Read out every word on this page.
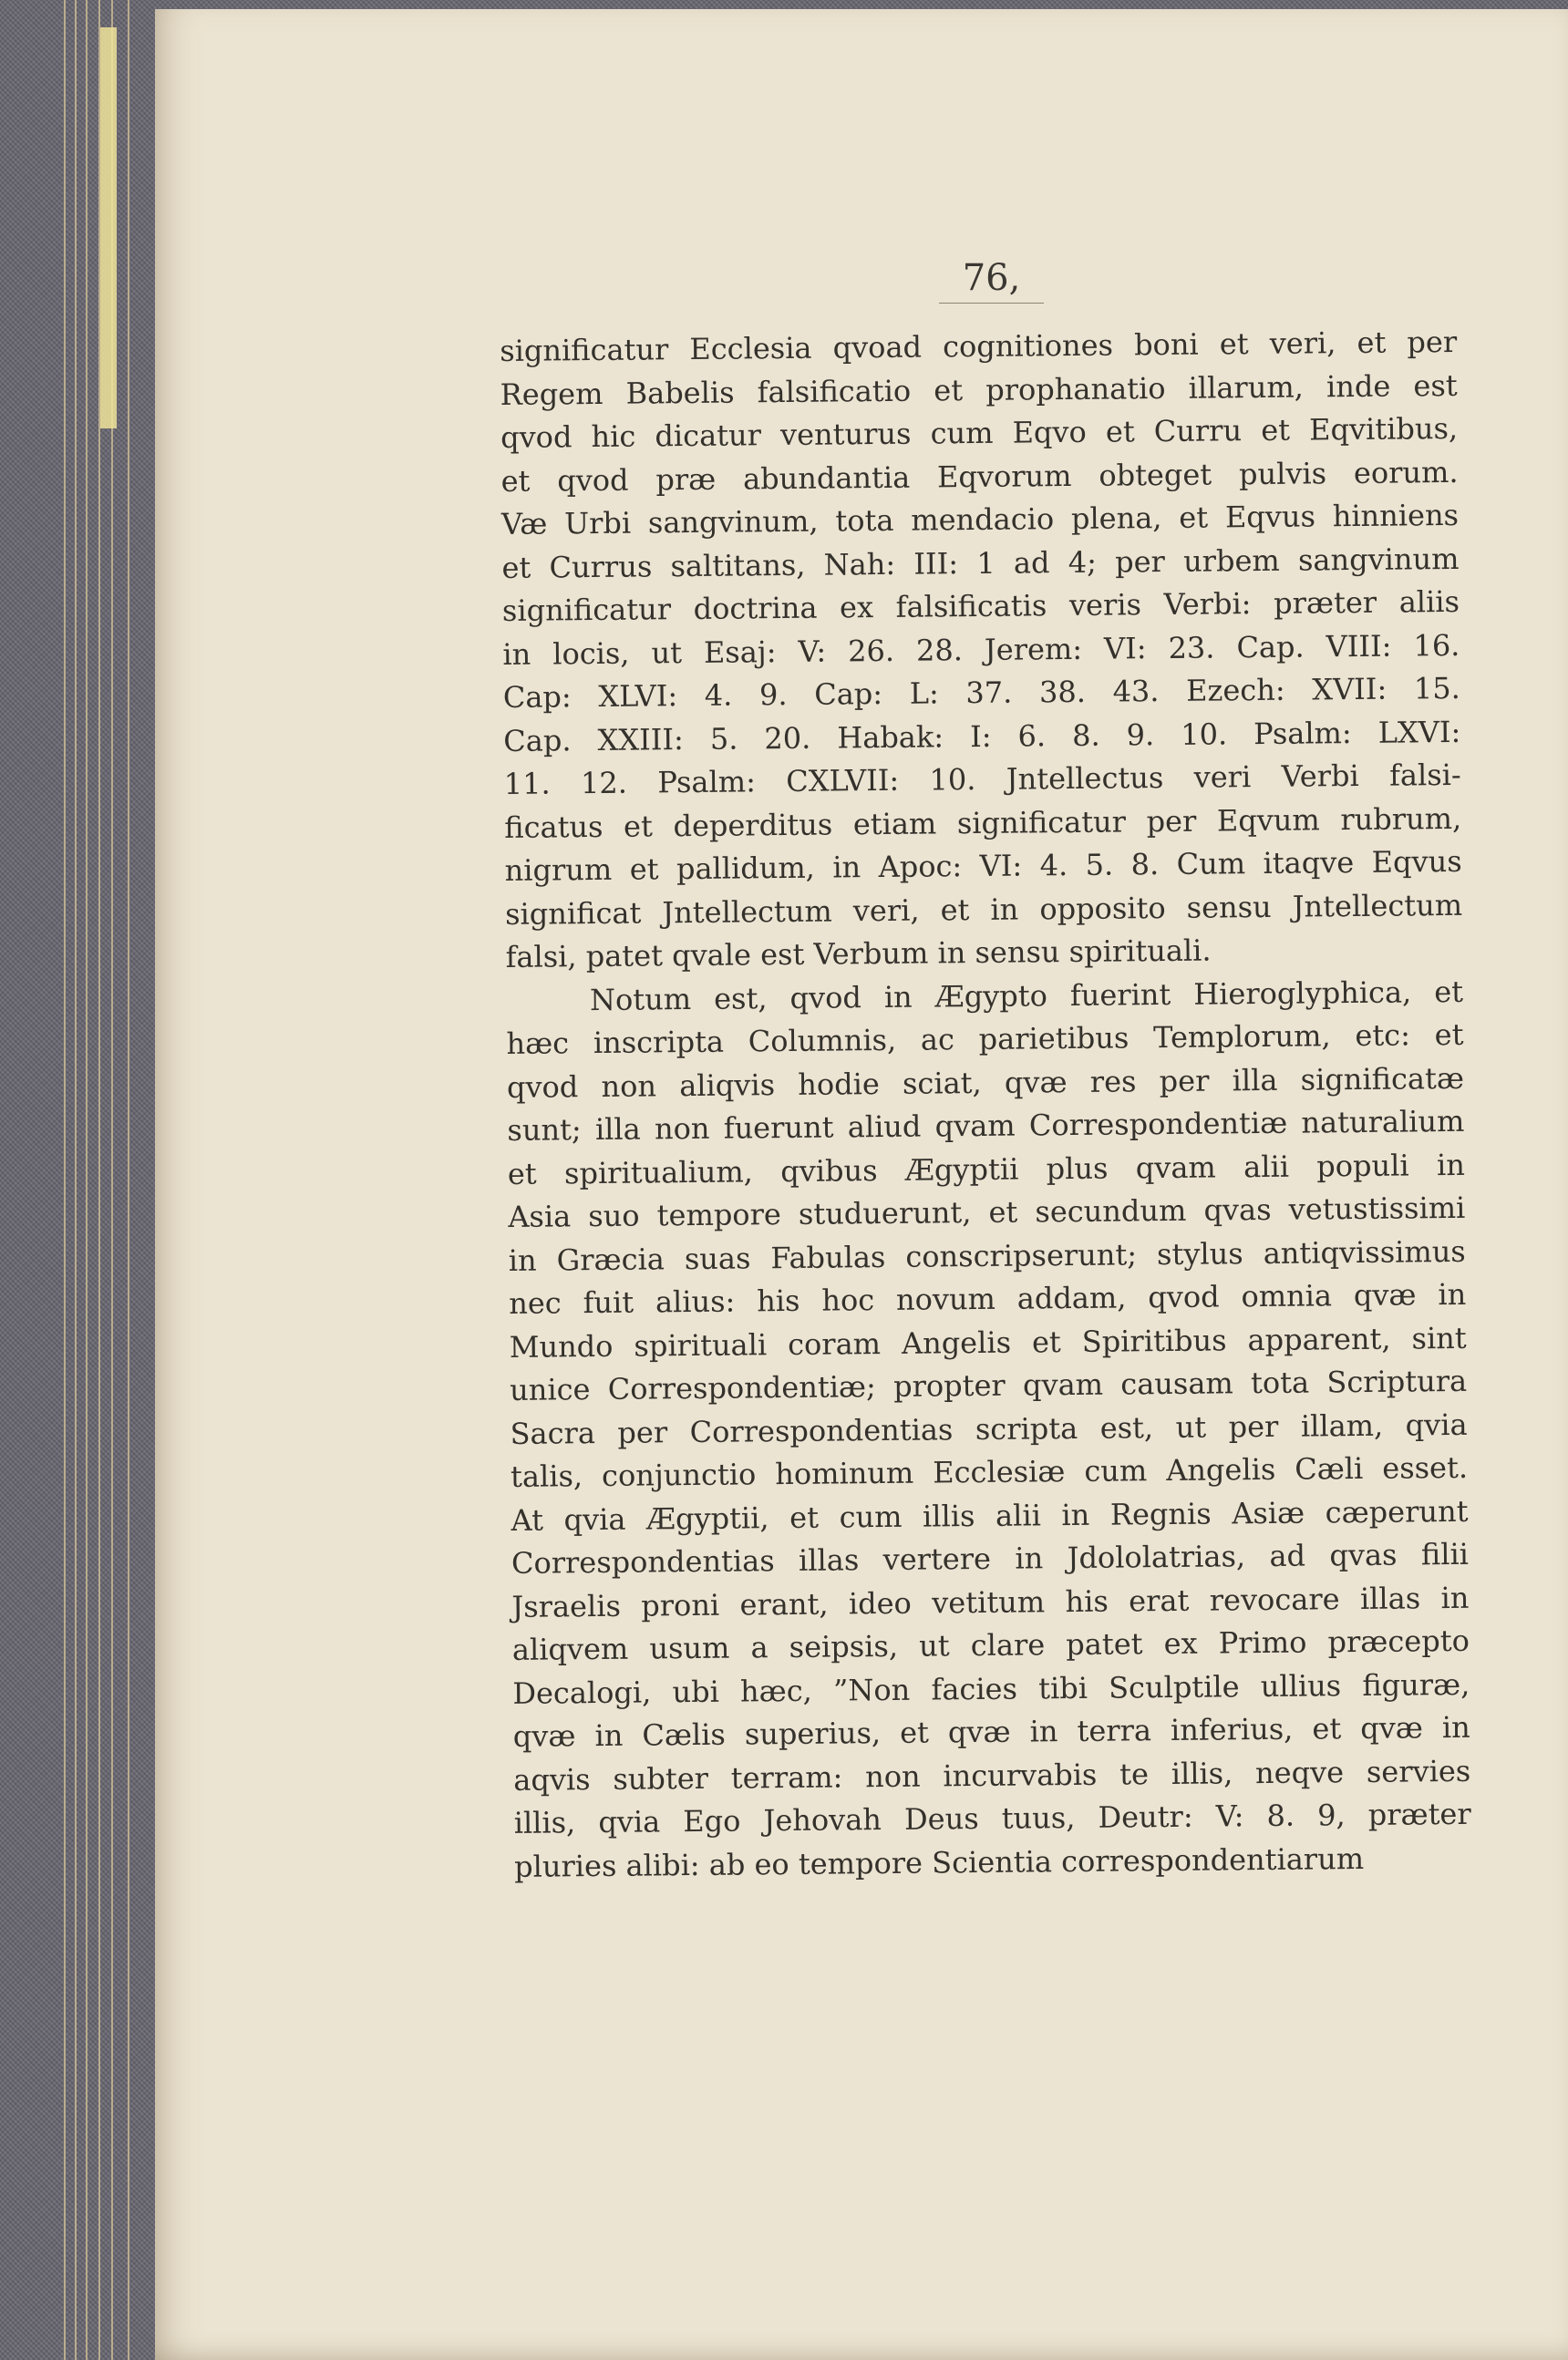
76,
significatur Ecclesia qvoad cognitiones boni et veri, et per
Regem Babelis falsificatio et prophanatio illarum, inde est
qvod hic dicatur venturus cum Eqvo et Curru et Eqvitibus,
et qvod præ abundantia Eqvorum obteget pulvis eorum.
Væ Urbi sangvinum, tota mendacio plena, et Eqvus hinniens
et Currus saltitans, Nah: III: 1 ad 4; per urbem sangvinum
significatur doctrina ex falsificatis veris Verbi: præter aliis
in locis, ut Esaj: V: 26. 28. Jerem: VI: 23. Cap. VIII: 16.
Cap: XLVI: 4. 9. Cap: L: 37. 38. 43. Ezech: XVII: 15.
Cap. XXIII: 5. 20. Habak: I: 6. 8. 9. 10. Psalm: LXVI:
11. 12. Psalm: CXLVII: 10. Jntellectus veri Verbi falsi-
ficatus et deperditus etiam significatur per Eqvum rubrum,
nigrum et pallidum, in Apoc: VI: 4. 5. 8. Cum itaqve Eqvus
significat Jntellectum veri, et in opposito sensu Jntellectum
falsi, patet qvale est Verbum in sensu spirituali.
Notum est, qvod in Ægypto fuerint Hieroglyphica, et
hæc inscripta Columnis, ac parietibus Templorum, etc: et
qvod non aliqvis hodie sciat, qvæ res per illa significatæ
sunt; illa non fuerunt aliud qvam Correspondentiæ naturalium
et spiritualium, qvibus Ægyptii plus qvam alii populi in
Asia suo tempore studuerunt, et secundum qvas vetustissimi
in Græcia suas Fabulas conscripserunt; stylus antiqvissimus
nec fuit alius: his hoc novum addam, qvod omnia qvæ in
Mundo spirituali coram Angelis et Spiritibus apparent, sint
unice Correspondentiæ; propter qvam causam tota Scriptura
Sacra per Correspondentias scripta est, ut per illam, qvia
talis, conjunctio hominum Ecclesiæ cum Angelis Cæli esset.
At qvia Ægyptii, et cum illis alii in Regnis Asiæ cæperunt
Correspondentias illas vertere in Jdololatrias, ad qvas filii
Jsraelis proni erant, ideo vetitum his erat revocare illas in
aliqvem usum a seipsis, ut clare patet ex Primo præcepto
Decalogi, ubi hæc, ”Non facies tibi Sculptile ullius figuræ,
qvæ in Cælis superius, et qvæ in terra inferius, et qvæ in
aqvis subter terram: non incurvabis te illis, neqve servies
illis, qvia Ego Jehovah Deus tuus, Deutr: V: 8. 9, præter
pluries alibi: ab eo tempore Scientia correspondentiarum
